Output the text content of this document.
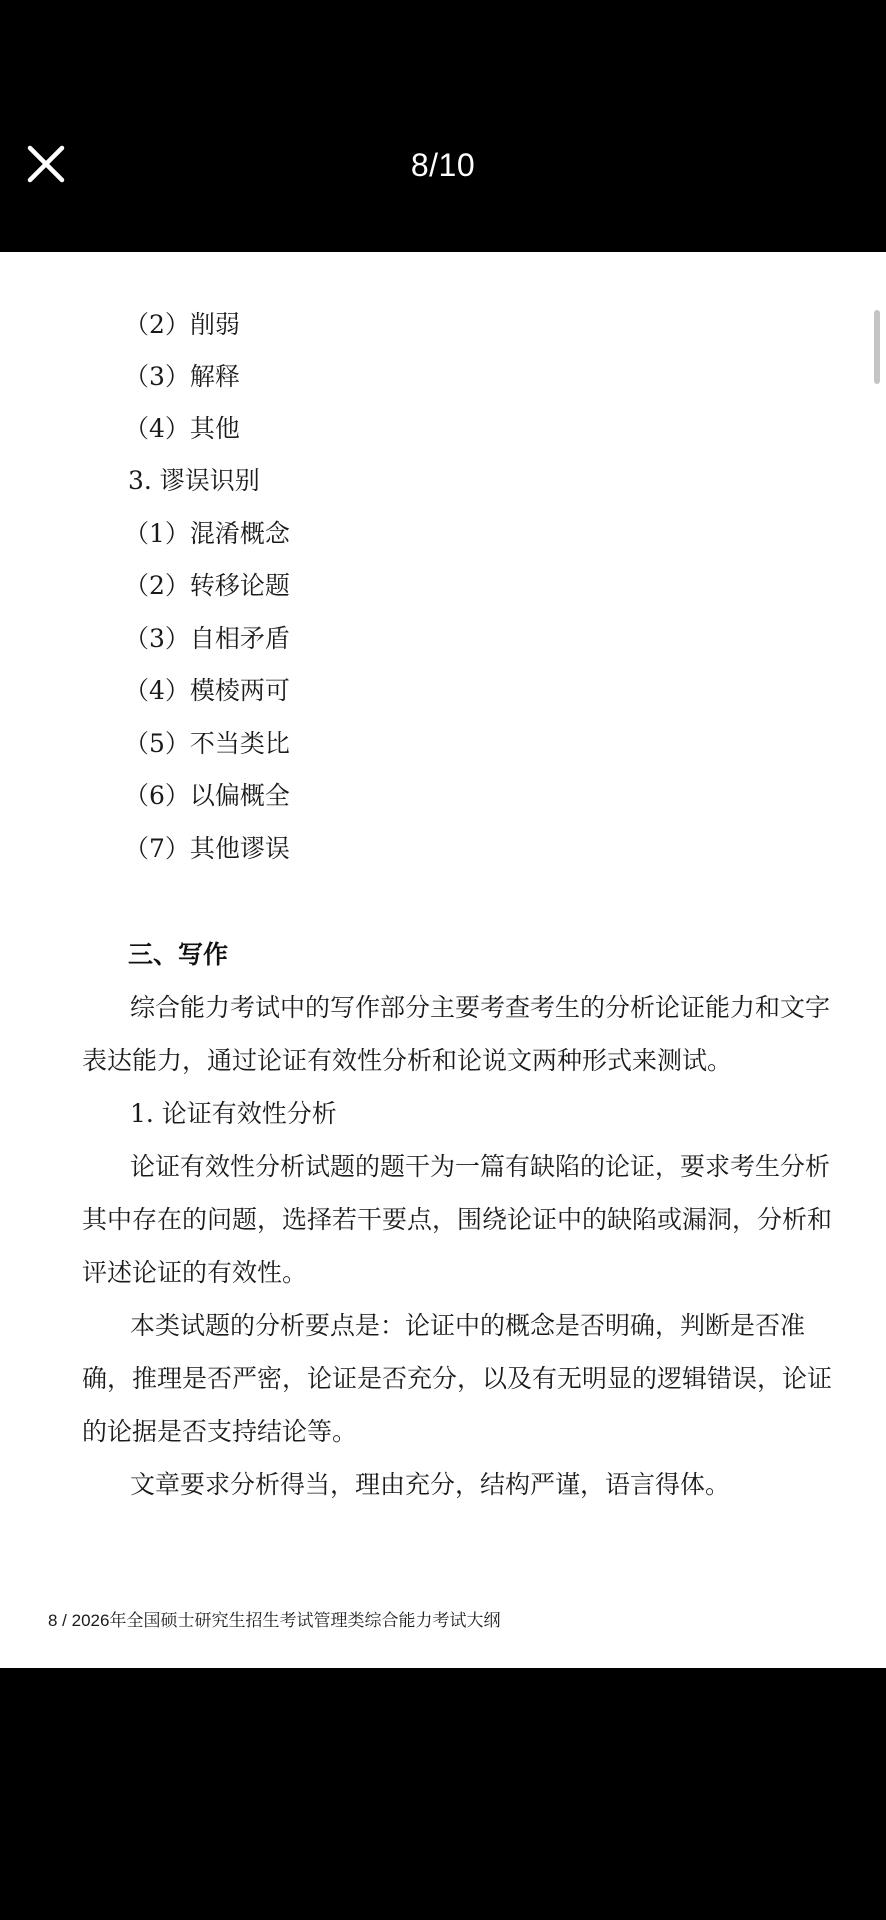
8/10
（2）削弱
（3）解释
（4）其他
3. 谬误识别
（1）混淆概念
（2）转移论题
（3）自相矛盾
（4）模棱两可
（5）不当类比
（6）以偏概全
（7）其他谬误
三、写作
综合能力考试中的写作部分主要考查考生的分析论证能力和文字
表达能力，通过论证有效性分析和论说文两种形式来测试。
1. 论证有效性分析
论证有效性分析试题的题干为一篇有缺陷的论证，要求考生分析
其中存在的问题，选择若干要点，围绕论证中的缺陷或漏洞，分析和
评述论证的有效性。
本类试题的分析要点是：论证中的概念是否明确，判断是否准
确，推理是否严密，论证是否充分，以及有无明显的逻辑错误，论证
的论据是否支持结论等。
文章要求分析得当，理由充分，结构严谨，语言得体。
8 / 2026年全国硕士研究生招生考试管理类综合能力考试大纲
